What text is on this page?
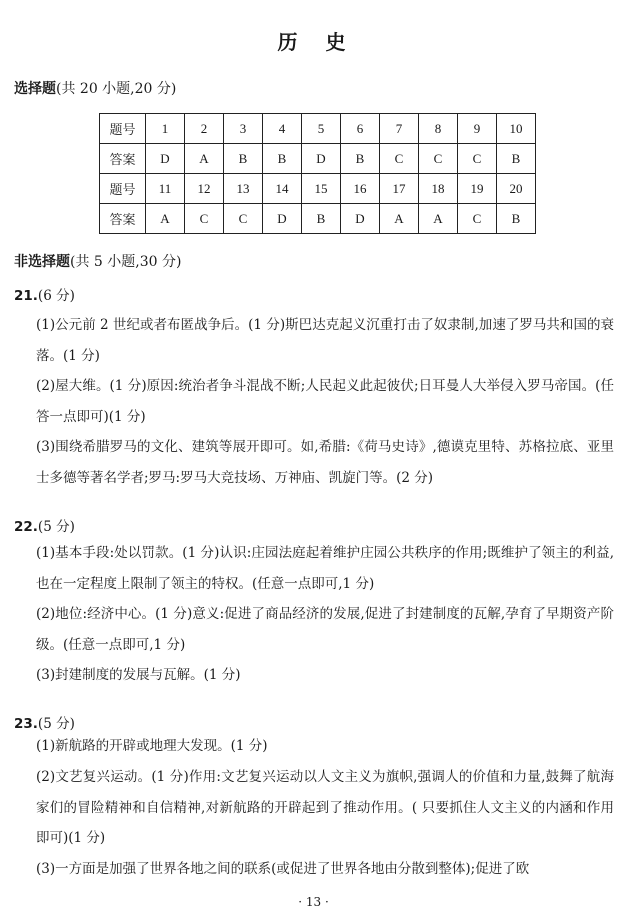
历　史
选择题(共 20 小题,20 分)
题号	1	2	3	4	5	6	7	8	9	10
答案	D	A	B	B	D	B	C	C	C	B
题号	11	12	13	14	15	16	17	18	19	20
答案	A	C	C	D	B	D	A	A	C	B
非选择题(共 5 小题,30 分)
21.(6 分)
(1)公元前 2 世纪或者布匿战争后。(1 分)斯巴达克起义沉重打击了奴隶制,加速了罗马共和国的衰落。(1 分)
(2)屋大维。(1 分)原因:统治者争斗混战不断;人民起义此起彼伏;日耳曼人大举侵入罗马帝国。(任答一点即可)(1 分)
(3)围绕希腊罗马的文化、建筑等展开即可。如,希腊:《荷马史诗》,德谟克里特、苏格拉底、亚里士多德等著名学者;罗马:罗马大竞技场、万神庙、凯旋门等。(2 分)
22.(5 分)
(1)基本手段:处以罚款。(1 分)认识:庄园法庭起着维护庄园公共秩序的作用;既维护了领主的利益,也在一定程度上限制了领主的特权。(任意一点即可,1 分)
(2)地位:经济中心。(1 分)意义:促进了商品经济的发展,促进了封建制度的瓦解,孕育了早期资产阶级。(任意一点即可,1 分)
(3)封建制度的发展与瓦解。(1 分)
23.(5 分)
(1)新航路的开辟或地理大发现。(1 分)
(2)文艺复兴运动。(1 分)作用:文艺复兴运动以人文主义为旗帜,强调人的价值和力量,鼓舞了航海家们的冒险精神和自信精神,对新航路的开辟起到了推动作用。( 只要抓住人文主义的内涵和作用即可)(1 分)
(3)一方面是加强了世界各地之间的联系(或促进了世界各地由分散到整体);促进了欧
· 13 ·
